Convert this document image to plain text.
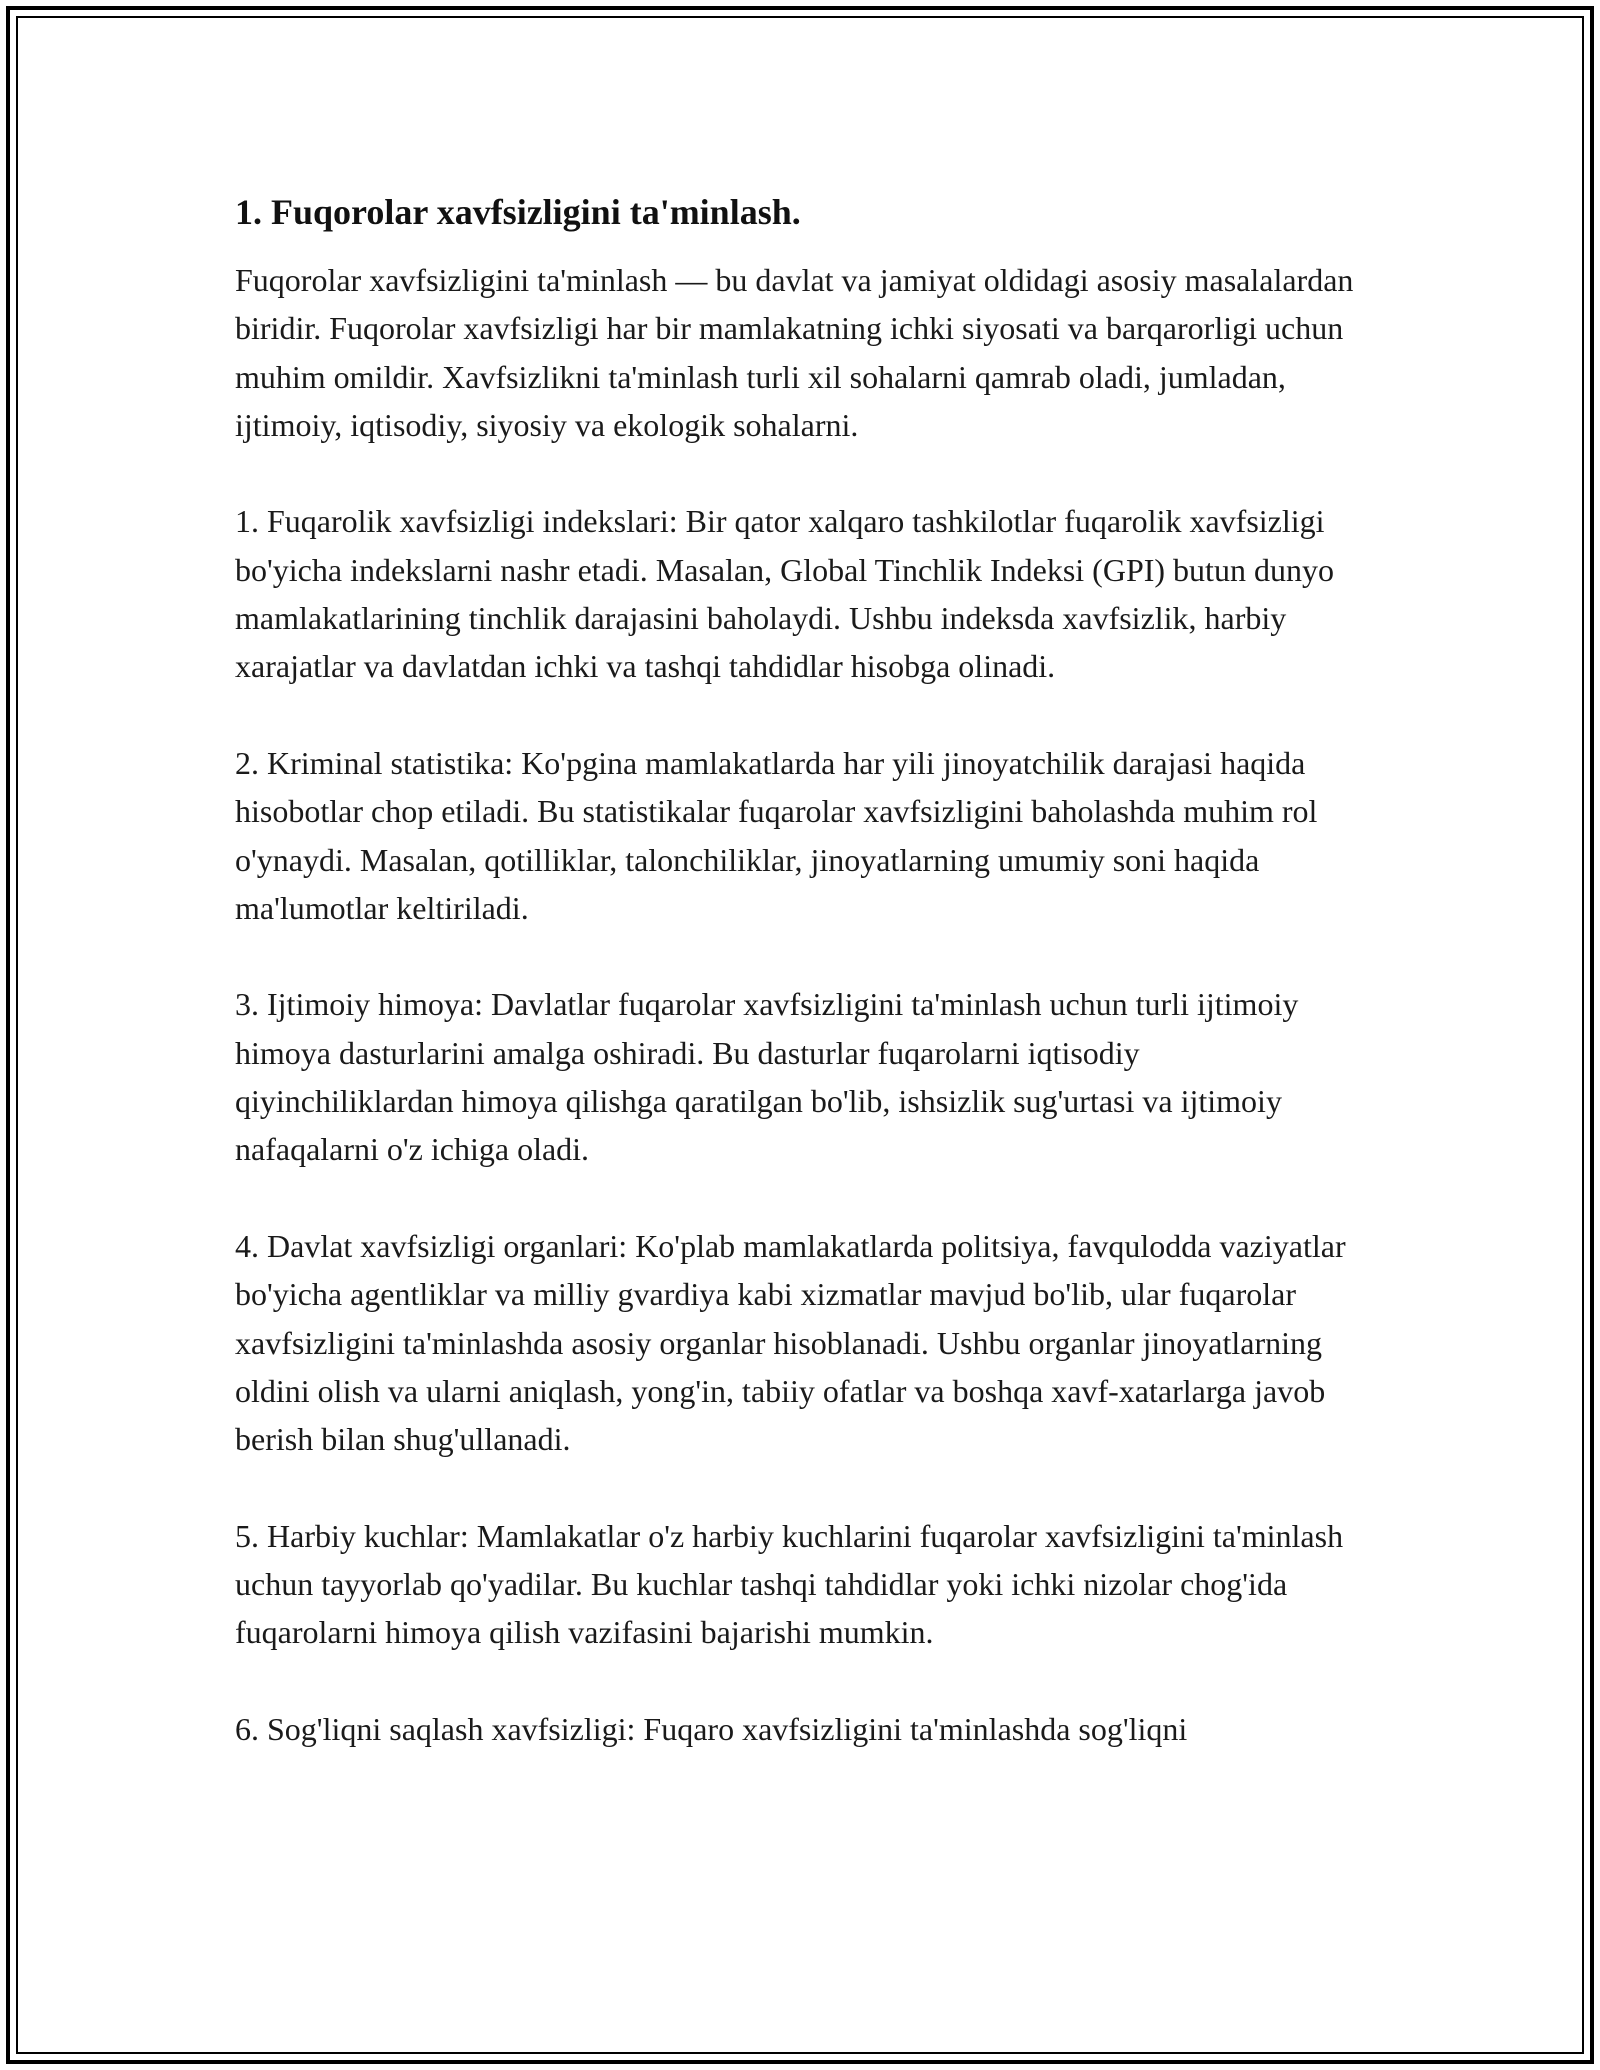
1. Fuqorolar xavfsizligini ta'minlash.

Fuqorolar xavfsizligini ta'minlash — bu davlat va jamiyat oldidagi asosiy masalalardan biridir. Fuqorolar xavfsizligi har bir mamlakatning ichki siyosati va barqarorligi uchun muhim omildir. Xavfsizlikni ta'minlash turli xil sohalarni qamrab oladi, jumladan, ijtimoiy, iqtisodiy, siyosiy va ekologik sohalarni.

1. Fuqarolik xavfsizligi indekslari: Bir qator xalqaro tashkilotlar fuqarolik xavfsizligi bo'yicha indekslarni nashr etadi. Masalan, Global Tinchlik Indeksi (GPI) butun dunyo mamlakatlarining tinchlik darajasini baholaydi. Ushbu indeksda xavfsizlik, harbiy xarajatlar va davlatdan ichki va tashqi tahdidlar hisobga olinadi.

2. Kriminal statistika: Ko'pgina mamlakatlarda har yili jinoyatchilik darajasi haqida hisobotlar chop etiladi. Bu statistikalar fuqarolar xavfsizligini baholashda muhim rol o'ynaydi. Masalan, qotilliklar, talonchiliklar, jinoyatlarning umumiy soni haqida ma'lumotlar keltiriladi.

3. Ijtimoiy himoya: Davlatlar fuqarolar xavfsizligini ta'minlash uchun turli ijtimoiy himoya dasturlarini amalga oshiradi. Bu dasturlar fuqarolarni iqtisodiy qiyinchiliklardan himoya qilishga qaratilgan bo'lib, ishsizlik sug'urtasi va ijtimoiy nafaqalarni o'z ichiga oladi.

4. Davlat xavfsizligi organlari: Ko'plab mamlakatlarda politsiya, favqulodda vaziyatlar bo'yicha agentliklar va milliy gvardiya kabi xizmatlar mavjud bo'lib, ular fuqarolar xavfsizligini ta'minlashda asosiy organlar hisoblanadi. Ushbu organlar jinoyatlarning oldini olish va ularni aniqlash, yong'in, tabiiy ofatlar va boshqa xavf-xatarlarga javob berish bilan shug'ullanadi.

5. Harbiy kuchlar: Mamlakatlar o'z harbiy kuchlarini fuqarolar xavfsizligini ta'minlash uchun tayyorlab qo'yadilar. Bu kuchlar tashqi tahdidlar yoki ichki nizolar chog'ida fuqarolarni himoya qilish vazifasini bajarishi mumkin.

6. Sog'liqni saqlash xavfsizligi: Fuqaro xavfsizligini ta'minlashda sog'liqni
